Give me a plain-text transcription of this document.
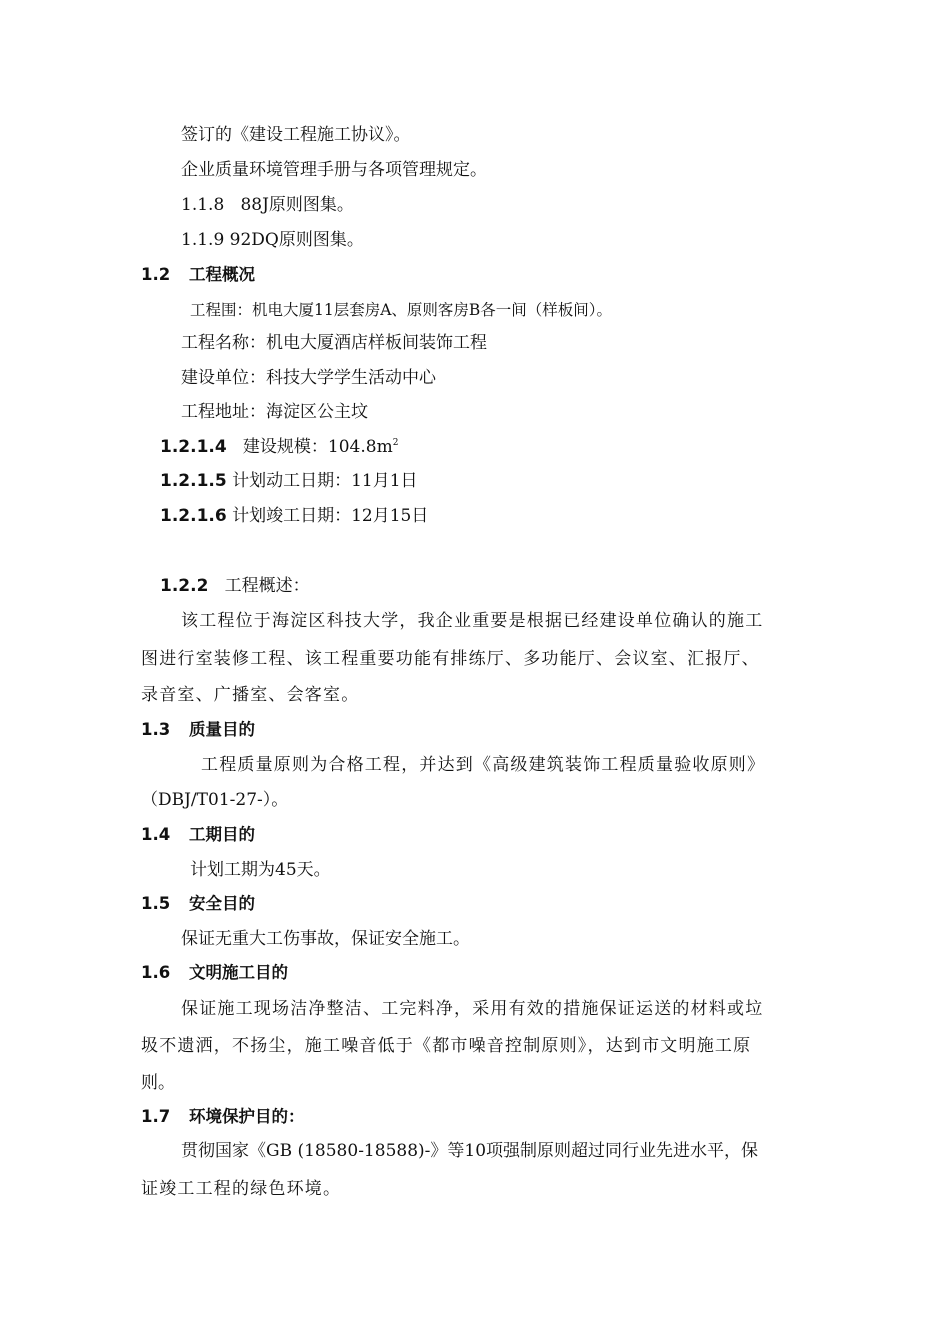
签订的《建设工程施工协议》。
企业质量环境管理手册与各项管理规定。
1.1.8 88J原则图集。
1.1.9 92DQ原则图集。
1.2 工程概况
工程围：机电大厦11层套房A、原则客房B各一间（样板间）。
工程名称：机电大厦酒店样板间装饰工程
建设单位：科技大学学生活动中心
工程地址：海淀区公主坟
1.2.1.4 建设规模：$104.8m^2$
1.2.1.5 计划动工日期：11月1日
1.2.1.6 计划竣工日期：12月15日
1.2.2 工程概述：
该工程位于海淀区科技大学，我企业重要是根据已经建设单位确认的施工
图进行室装修工程、该工程重要功能有排练厅、多功能厅、会议室、汇报厅、
录音室、广播室、会客室。
1.3 质量目的
工程质量原则为合格工程，并达到《高级建筑装饰工程质量验收原则》
（DBJ/T01-27-）。
1.4 工期目的
计划工期为45天。
1.5 安全目的
保证无重大工伤事故，保证安全施工。
1.6 文明施工目的
保证施工现场洁净整洁、工完料净，采用有效的措施保证运送的材料或垃
圾不遗洒，不扬尘，施工噪音低于《都市噪音控制原则》，达到市文明施工原
则。
1.7 环境保护目的：
贯彻国家《GB (18580-18588)-》等10项强制原则超过同行业先进水平，保
证竣工工程的绿色环境。
